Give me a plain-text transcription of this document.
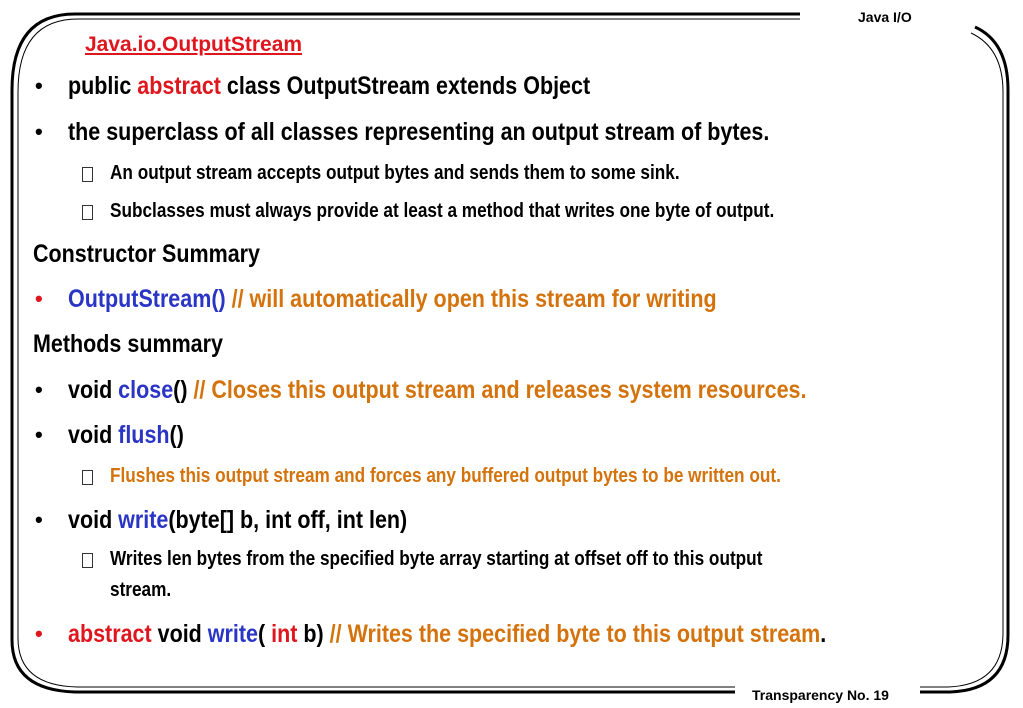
Java I/O
Transparency No. 19
Java.io.OutputStream
• public abstract class OutputStream extends Object
• the superclass of all classes representing an output stream of bytes.
An output stream accepts output bytes and sends them to some sink.
Subclasses must always provide at least a method that writes one byte of output.
Constructor Summary
• OutputStream() // will automatically open this stream for writing
Methods summary
• void close() // Closes this output stream and releases system resources.
• void flush()
Flushes this output stream and forces any buffered output bytes to be written out.
• void write(byte[] b, int off, int len)
Writes len bytes from the specified byte array starting at offset off to this output
stream.
• abstract void write( int b) // Writes the specified byte to this output stream.
